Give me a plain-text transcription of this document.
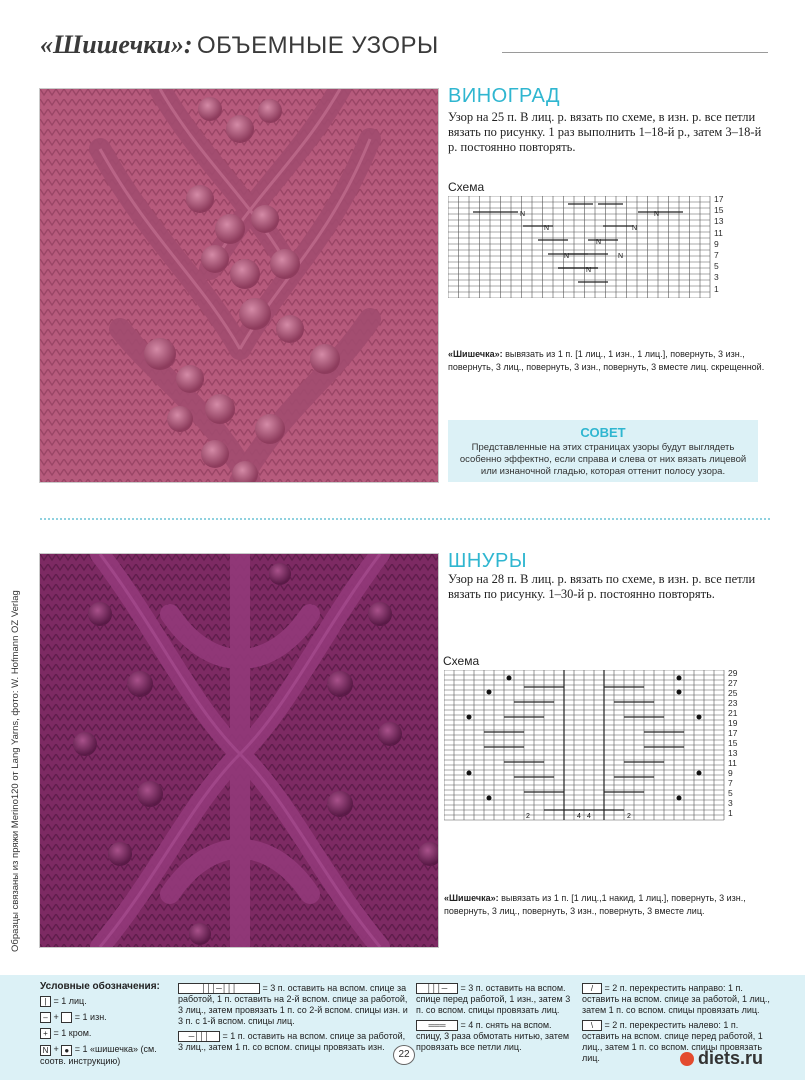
«Шишечки»: ОБЪЕМНЫЕ УЗОРЫ
ВИНОГРАД
Узор на 25 п. В лиц. р. вязать по схеме, в изн. р. все петли вязать по рисунку. 1 раз выполнить 1–18-й р., затем 3–18-й р. постоянно повторять.
Схема
N	N
N	N
N	N
N
N
17
15
13
11
9
7
5
3
1
«Шишечка»: вывязать из 1 п. [1 лиц., 1 изн., 1 лиц.], повернуть, 3 изн., повернуть, 3 лиц., повернуть, 3 изн., повернуть, 3 вместе лиц. скрещенной.
СОВЕТ
Представленные на этих страницах узоры будут выглядеть особенно эффектно, если справа и слева от них вязать лицевой или изнаночной гладью, которая оттенит полосу узора.
Образцы связаны из пряжи Merino120 от Lang Yarns, фото: W. Hofmann OZ Verlag
ШНУРЫ
Узор на 28 п. В лиц. р. вязать по схеме, в изн. р. все петли вязать по рисунку. 1–30-й р. постоянно повторять.
Схема
2	4 4	2
29
27
25
23
21
19
17
15
13
11
9
7
5
3
1
«Шишечка»: вывязать из 1 п. [1 лиц.,1 накид, 1 лиц.], повернуть, 3 изн., повернуть, 3 лиц., повернуть, 3 изн., повернуть, 3 вместе лиц.
Условные обозначения:
| = 1 лиц.
– +  = 1 изн.
+ = 1 кром.
N + ● = 1 «шишечка» (см. соотв. инструкцию)
│││─│││	= 3 п. оставить на вспом. спице за работой, 1 п. оставить на 2-й вспом. спице за работой, 3 лиц., затем провязать 1 п. со 2-й вспом. спицы изн. и 3 п. с 1-й вспом. спицы лиц.
─│││ = 1 п. оставить на вспом. спице за работой, 3 лиц., затем 1 п. со вспом. спицы провязать изн.
│││─ = 3 п. оставить на вспом. спице перед работой, 1 изн., затем 3 п. со вспом. спицы провязать лиц.
═══ = 4 п. снять на вспом. спицу, 3 раза обмотать нитью, затем провязать все петли лиц.
/ = 2 п. перекрестить направо: 1 п. оставить на вспом. спице за работой, 1 лиц., затем 1 п. со вспом. спицы провязать лиц.
\ = 2 п. перекрестить налево: 1 п. оставить на вспом. спице перед работой, 1 лиц., затем 1 п. со вспом. спицы провязать лиц.
22	diets.ru
